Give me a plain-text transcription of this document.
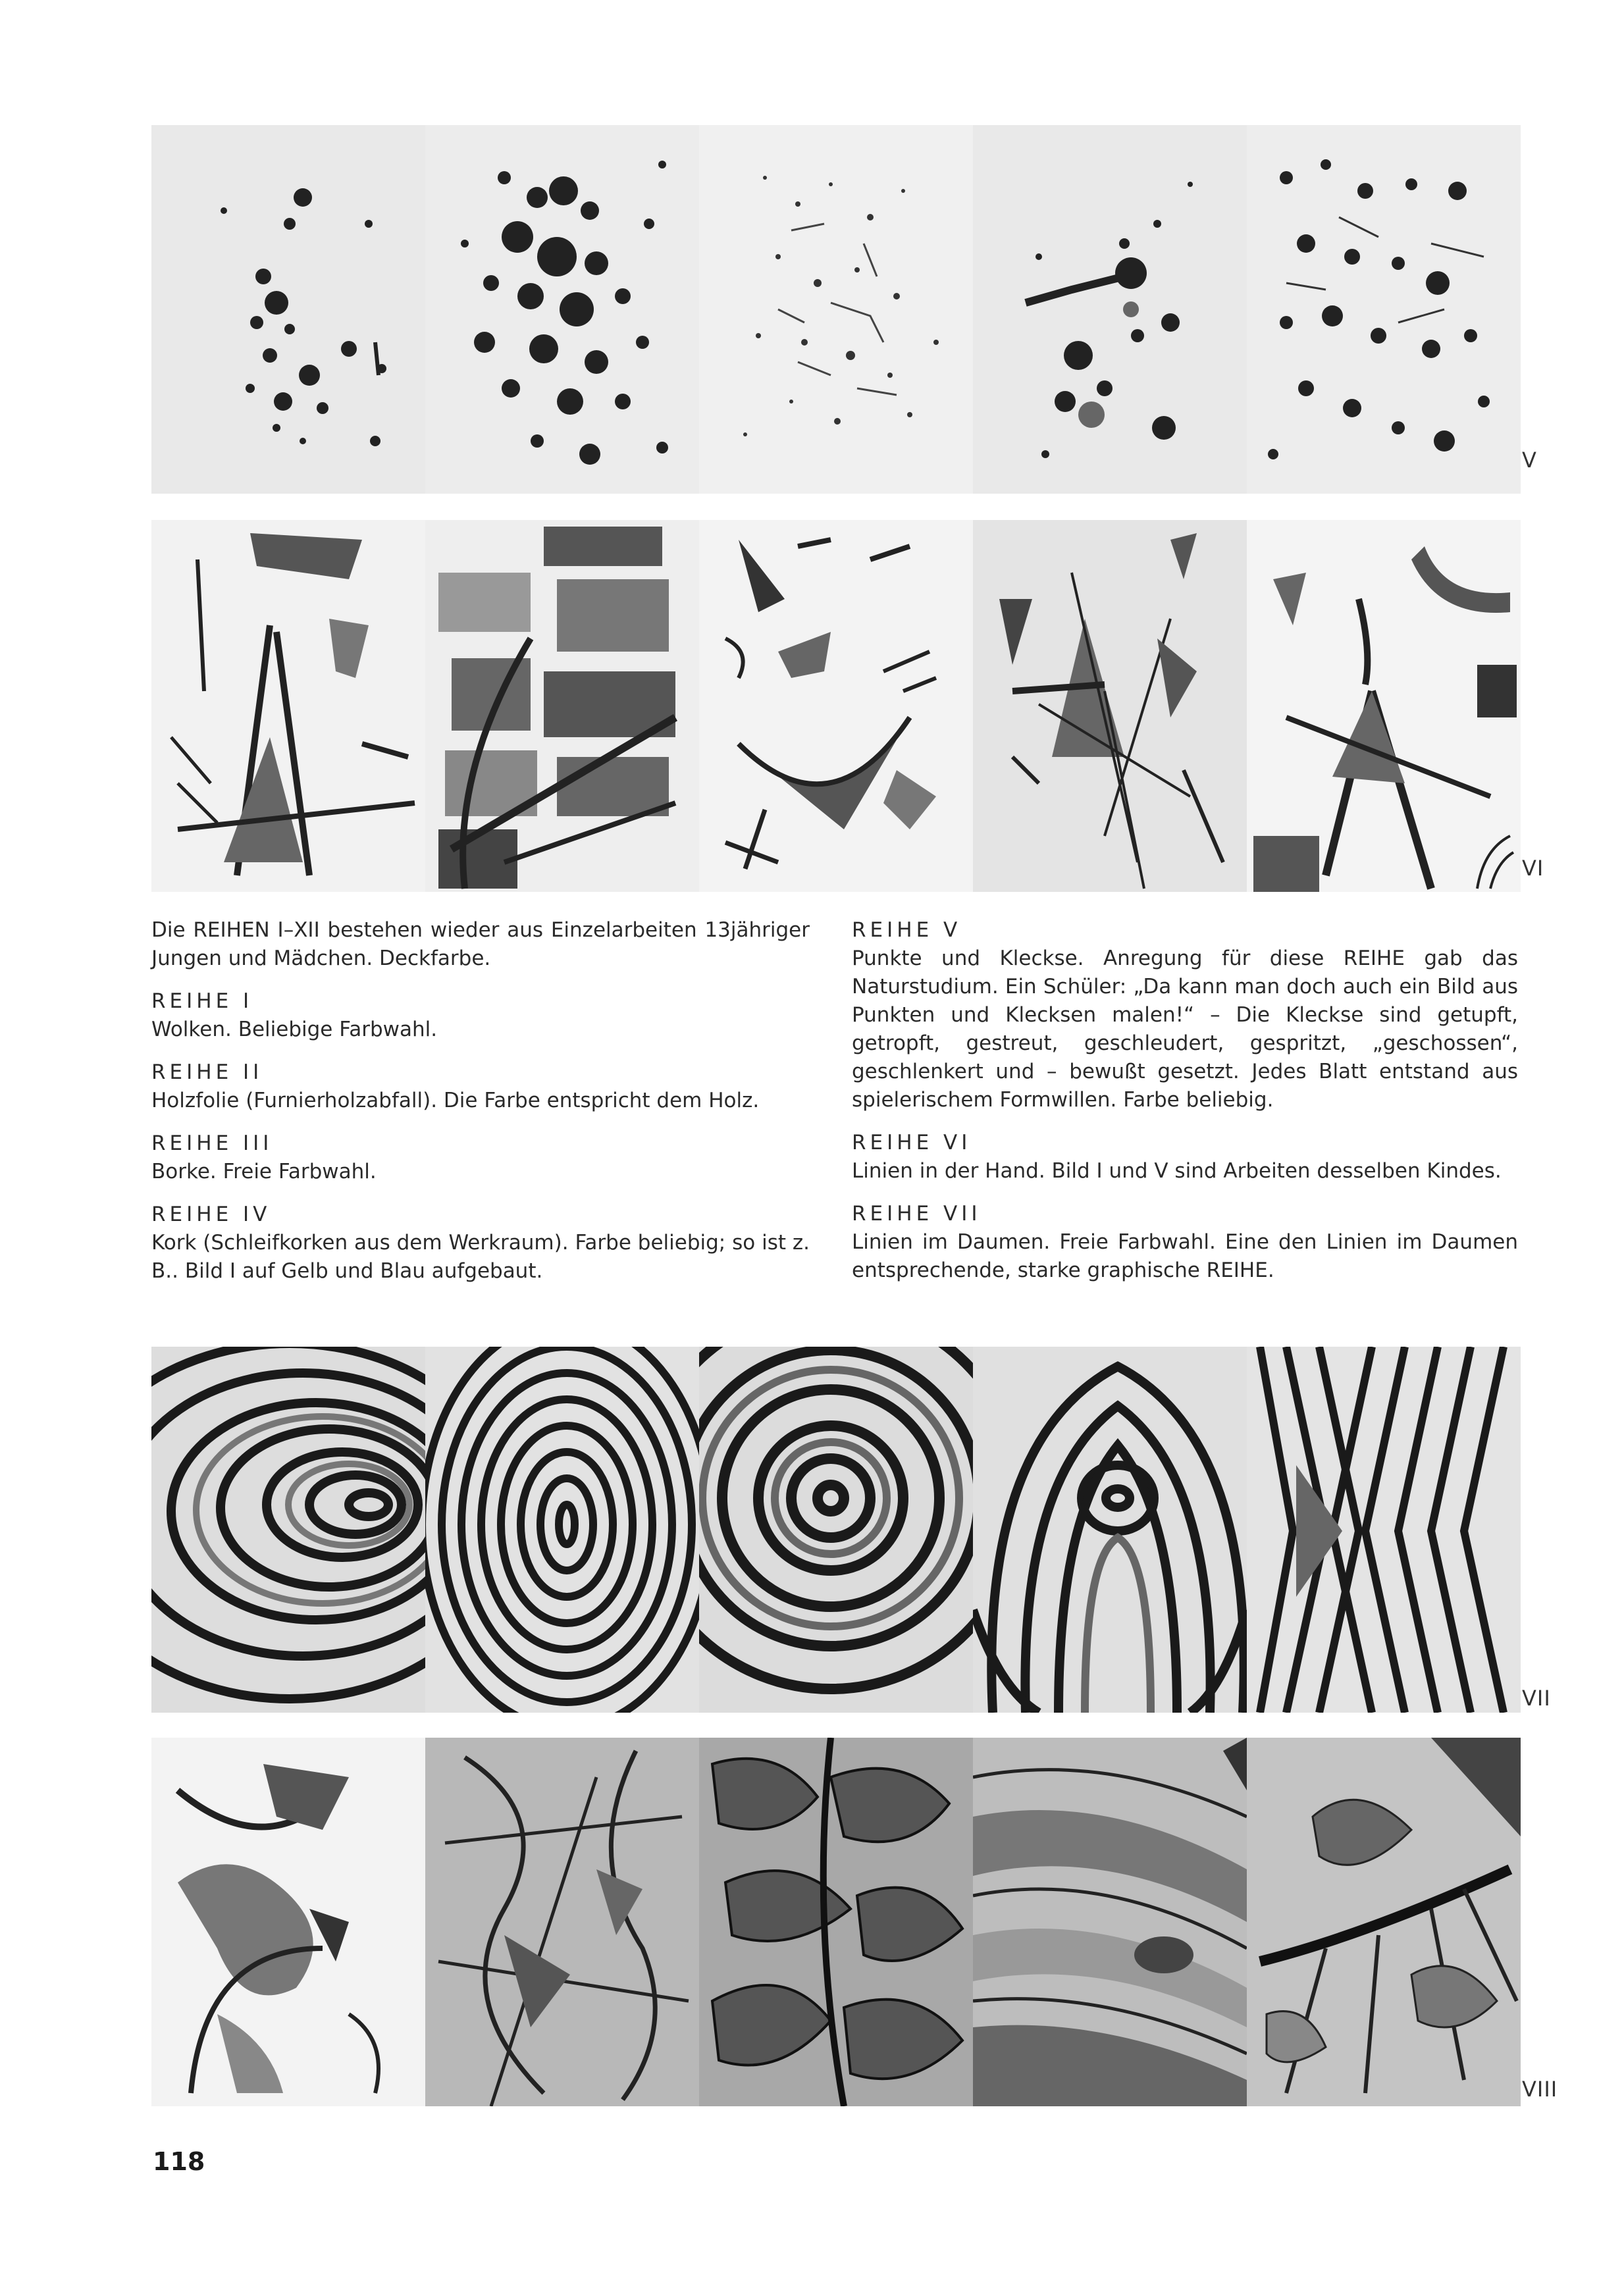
V
VI

Die REIHEN I–XII bestehen wieder aus Einzelarbeiten 13jähriger Jungen und Mädchen. Deckfarbe.

REIHE I

Wolken. Beliebige Farbwahl.

REIHE II

Holzfolie (Furnierholzabfall). Die Farbe entspricht dem Holz.

REIHE III

Borke. Freie Farbwahl.

REIHE IV

Kork (Schleifkorken aus dem Werkraum). Farbe beliebig; so ist z. B.. Bild I auf Gelb und Blau aufgebaut.

REIHE V

Punkte und Kleckse. Anregung für diese REIHE gab das Naturstudium. Ein Schüler: „Da kann man doch auch ein Bild aus Punkten und Klecksen malen!“ – Die Kleckse sind getupft, getropft, gestreut, geschleudert, gespritzt, „geschossen“, geschlenkert und – bewußt gesetzt. Jedes Blatt entstand aus spielerischem Formwillen. Farbe beliebig.

REIHE VI

Linien in der Hand. Bild I und V sind Arbeiten desselben Kindes.

REIHE VII

Linien im Daumen. Freie Farbwahl. Eine den Linien im Daumen entsprechende, starke graphische REIHE.

VII
VIII
118
